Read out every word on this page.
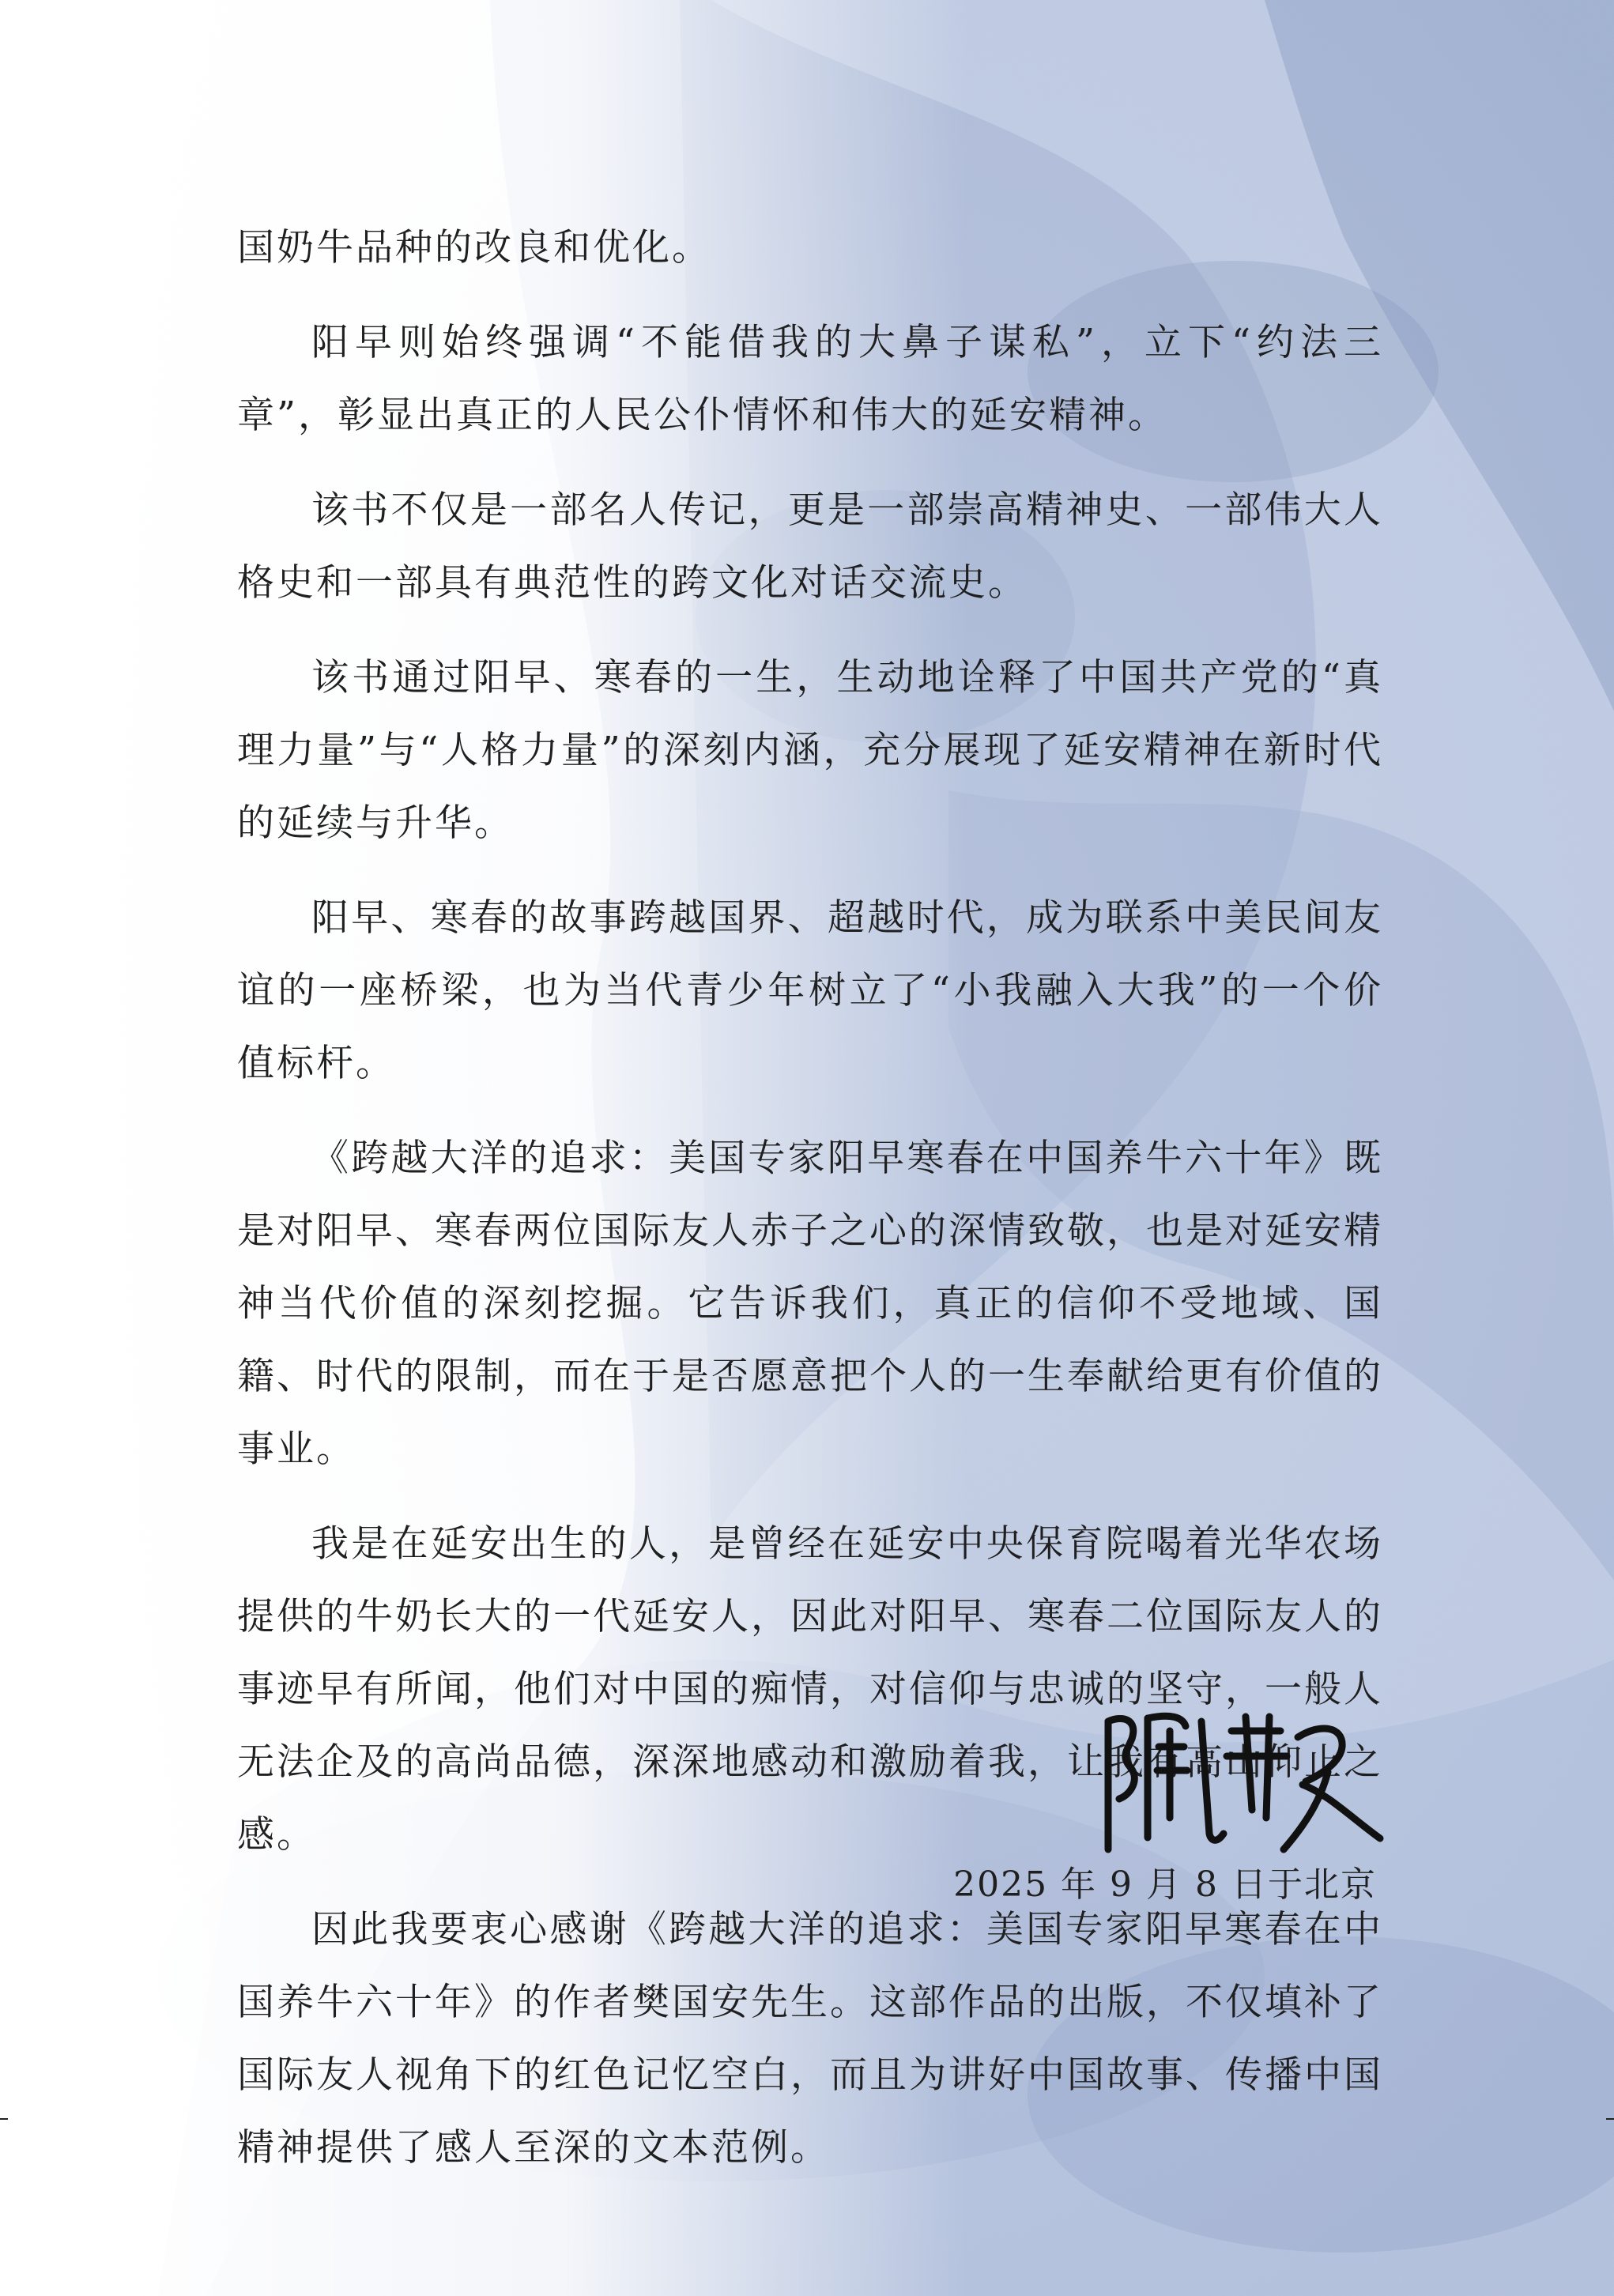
国奶牛品种的改良和优化。

阳早则始终强调“不能借我的大鼻子谋私”，立下“约法三章”，彰显出真正的人民公仆情怀和伟大的延安精神。

该书不仅是一部名人传记，更是一部崇高精神史、一部伟大人格史和一部具有典范性的跨文化对话交流史。

该书通过阳早、寒春的一生，生动地诠释了中国共产党的“真理力量”与“人格力量”的深刻内涵，充分展现了延安精神在新时代的延续与升华。

阳早、寒春的故事跨越国界、超越时代，成为联系中美民间友谊的一座桥梁，也为当代青少年树立了“小我融入大我”的一个价值标杆。

《跨越大洋的追求：美国专家阳早寒春在中国养牛六十年》既是对阳早、寒春两位国际友人赤子之心的深情致敬，也是对延安精神当代价值的深刻挖掘。它告诉我们，真正的信仰不受地域、国籍、时代的限制，而在于是否愿意把个人的一生奉献给更有价值的事业。

我是在延安出生的人，是曾经在延安中央保育院喝着光华农场提供的牛奶长大的一代延安人，因此对阳早、寒春二位国际友人的事迹早有所闻，他们对中国的痴情，对信仰与忠诚的坚守，一般人无法企及的高尚品德，深深地感动和激励着我，让我有高山仰止之感。

因此我要衷心感谢《跨越大洋的追求：美国专家阳早寒春在中国养牛六十年》的作者樊国安先生。这部作品的出版，不仅填补了国际友人视角下的红色记忆空白，而且为讲好中国故事、传播中国精神提供了感人至深的文本范例。

2025 年 9 月 8 日于北京
